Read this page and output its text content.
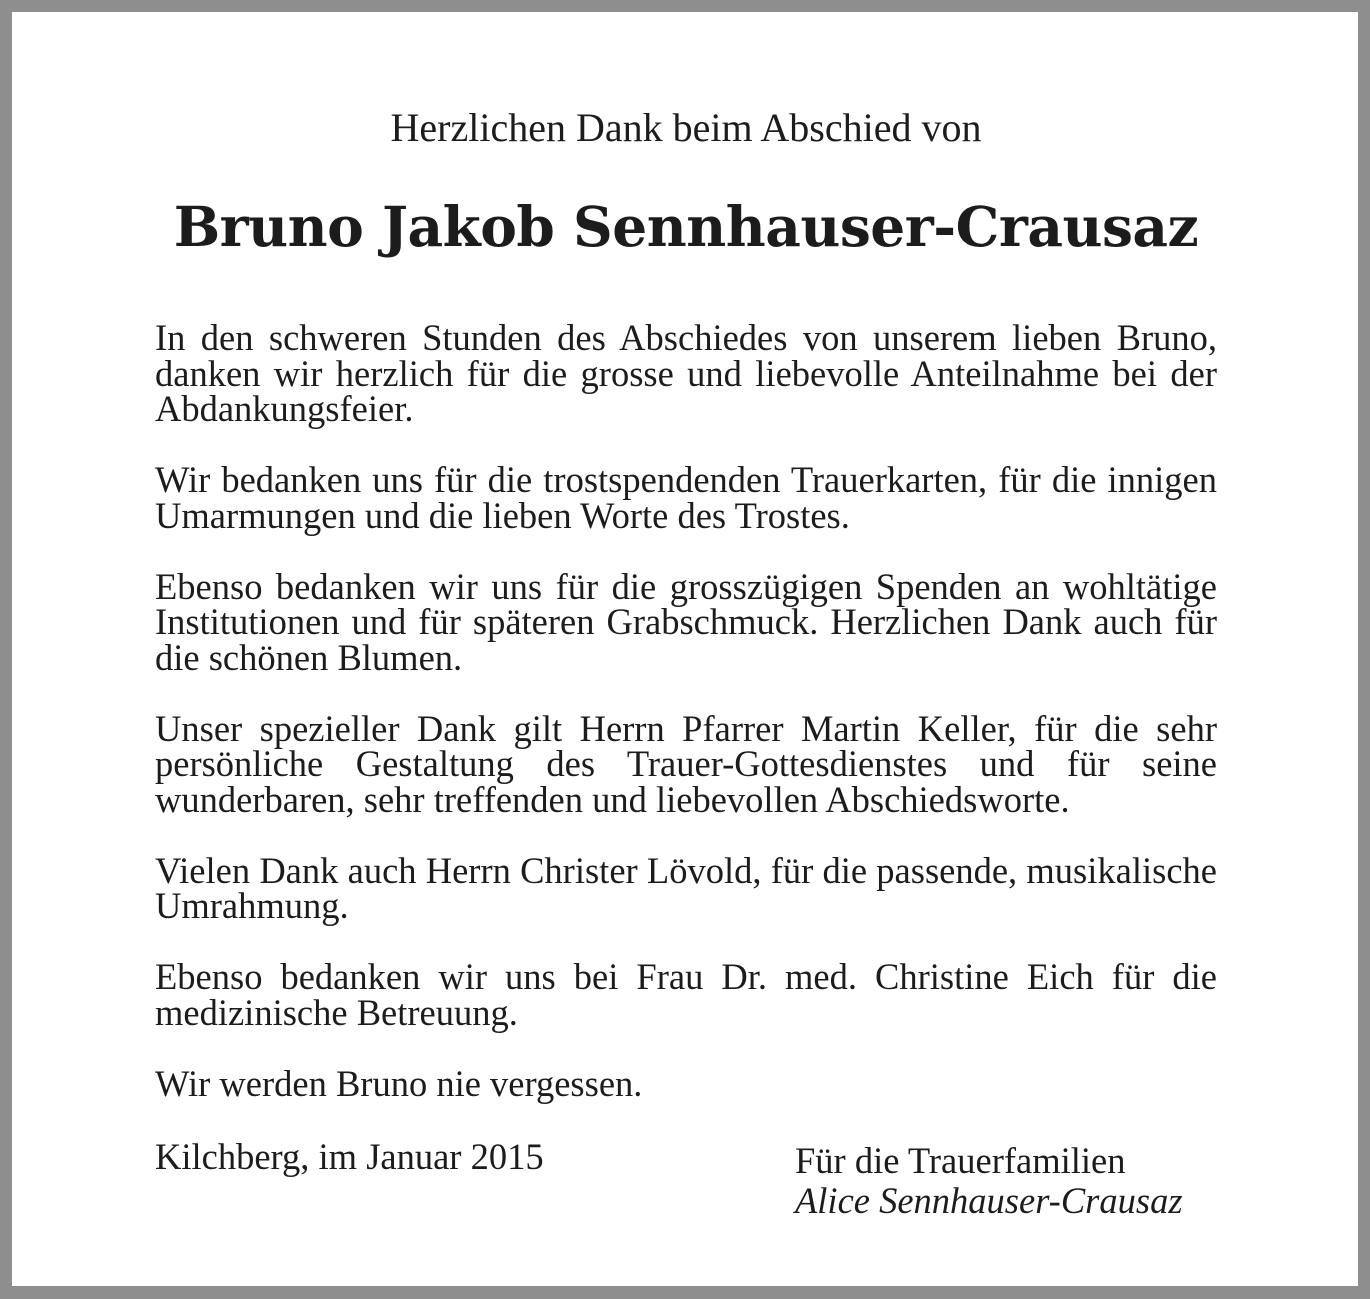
Herzlichen Dank beim Abschied von
Bruno Jakob Sennhauser-Crausaz

In den schweren Stunden des Abschiedes von unserem lieben Bruno, danken wir herzlich für die grosse und liebevolle Anteilnahme bei der Abdankungsfeier.

Wir bedanken uns für die trostspendenden Trauerkarten, für die innigen Umarmungen und die lieben Worte des Trostes.

Ebenso bedanken wir uns für die grosszügigen Spenden an wohltätige Institutionen und für späteren Grabschmuck. Herzlichen Dank auch für die schönen Blumen.

Unser spezieller Dank gilt Herrn Pfarrer Martin Keller, für die sehr persönliche Gestaltung des Trauer-Gottesdienstes und für seine wunderbaren, sehr treffenden und liebevollen Abschiedsworte.

Vielen Dank auch Herrn Christer Lövold, für die passende, musikalische Umrahmung.

Ebenso bedanken wir uns bei Frau Dr. med. Christine Eich für die medizinische Betreuung.

Wir werden Bruno nie vergessen.

Kilchberg, im Januar 2015	Für die Trauerfamilien
Alice Sennhauser-Crausaz
